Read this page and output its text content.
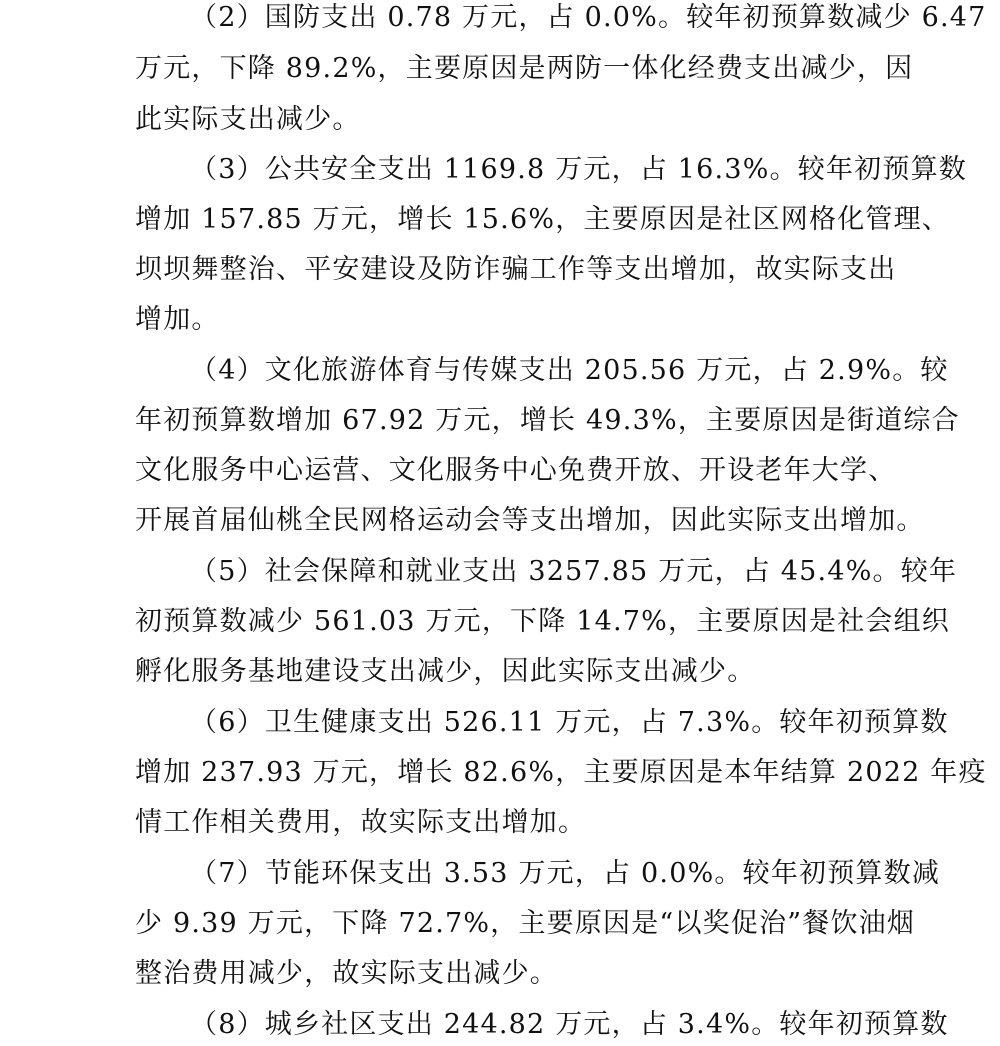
（2）国防支出 0.78 万元，占 0.0%。较年初预算数减少 6.47
万元，下降 89.2%，主要原因是两防一体化经费支出减少，因
此实际支出减少。
（3）公共安全支出 1169.8 万元，占 16.3%。较年初预算数
增加 157.85 万元，增长 15.6%，主要原因是社区网格化管理、
坝坝舞整治、平安建设及防诈骗工作等支出增加，故实际支出
增加。
（4）文化旅游体育与传媒支出 205.56 万元，占 2.9%。较
年初预算数增加 67.92 万元，增长 49.3%，主要原因是街道综合
文化服务中心运营、文化服务中心免费开放、开设老年大学、
开展首届仙桃全民网格运动会等支出增加，因此实际支出增加。
（5）社会保障和就业支出 3257.85 万元，占 45.4%。较年
初预算数减少 561.03 万元，下降 14.7%，主要原因是社会组织
孵化服务基地建设支出减少，因此实际支出减少。
（6）卫生健康支出 526.11 万元，占 7.3%。较年初预算数
增加 237.93 万元，增长 82.6%，主要原因是本年结算 2022 年疫
情工作相关费用，故实际支出增加。
（7）节能环保支出 3.53 万元，占 0.0%。较年初预算数减
少 9.39 万元，下降 72.7%，主要原因是“以奖促治”餐饮油烟
整治费用减少，故实际支出减少。
（8）城乡社区支出 244.82 万元，占 3.4%。较年初预算数
